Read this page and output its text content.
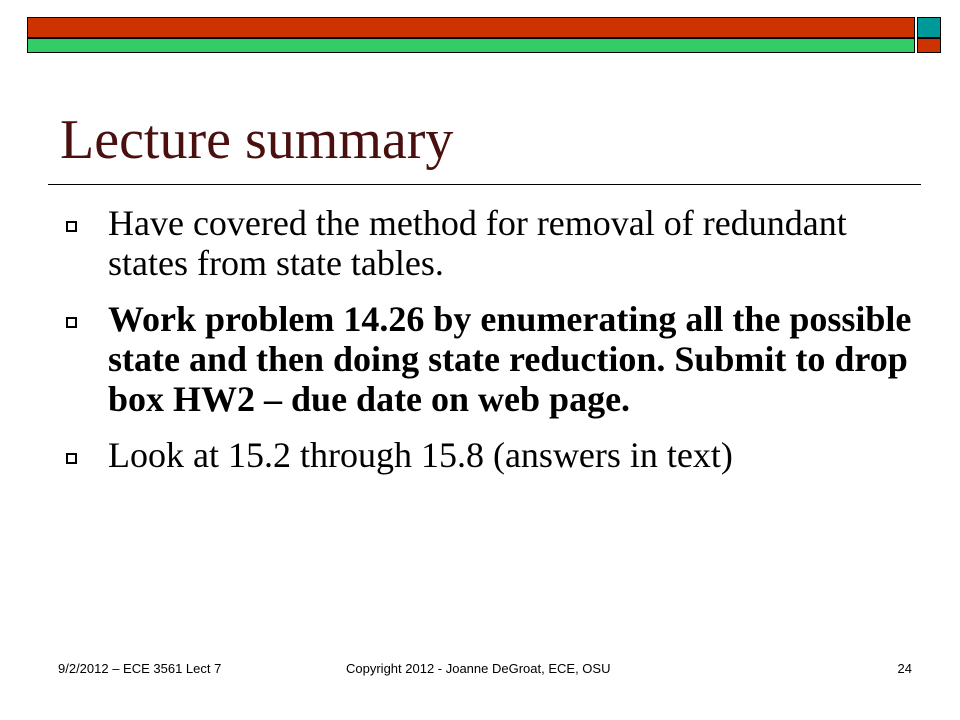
Lecture summary
Have covered the method for removal of redundant states from state tables.
Work problem 14.26 by enumerating all the possible state and then doing state reduction. Submit to drop box HW2 – due date on web page.
Look at 15.2 through 15.8 (answers in text)
9/2/2012 – ECE 3561 Lect 7	Copyright 2012 - Joanne DeGroat, ECE, OSU	24
